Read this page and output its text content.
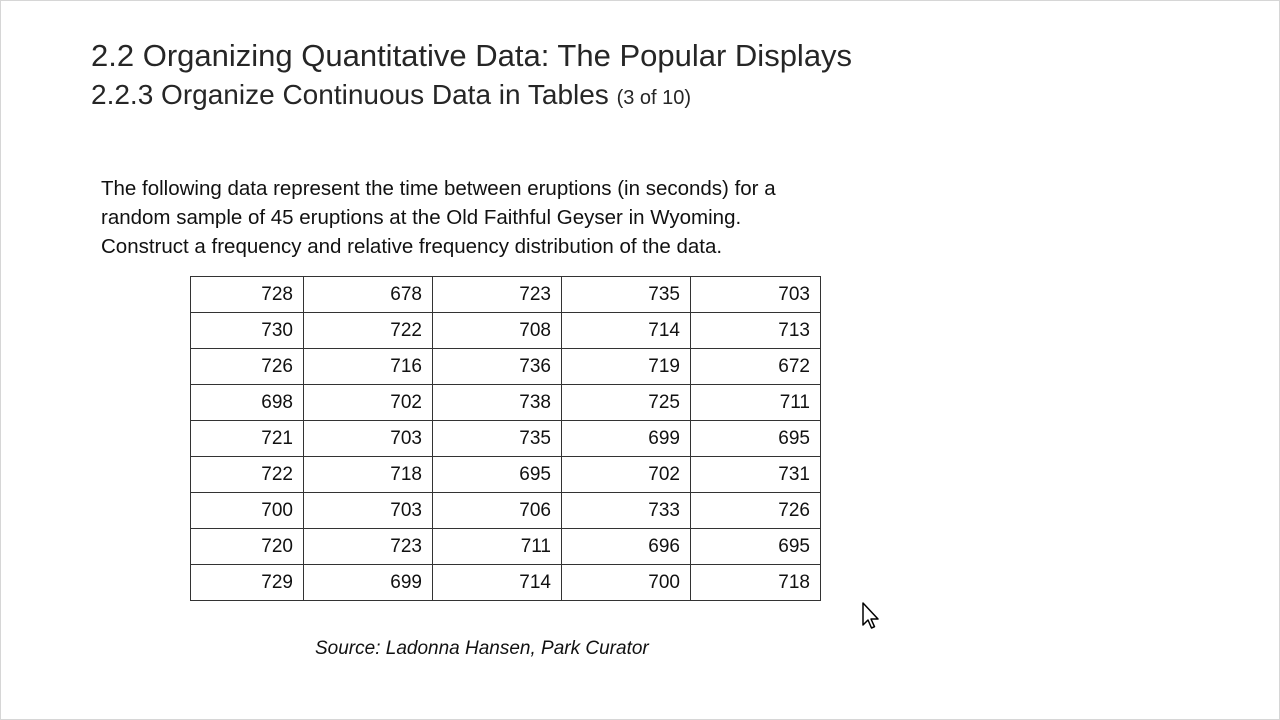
2.2 Organizing Quantitative Data: The Popular Displays
2.2.3 Organize Continuous Data in Tables (3 of 10)

The following data represent the time between eruptions (in seconds) for a
random sample of 45 eruptions at the Old Faithful Geyser in Wyoming.
Construct a frequency and relative frequency distribution of the data.

728	678	723	735	703
730	722	708	714	713
726	716	736	719	672
698	702	738	725	711
721	703	735	699	695
722	718	695	702	731
700	703	706	733	726
720	723	711	696	695
729	699	714	700	718
Source: Ladonna Hansen, Park Curator
